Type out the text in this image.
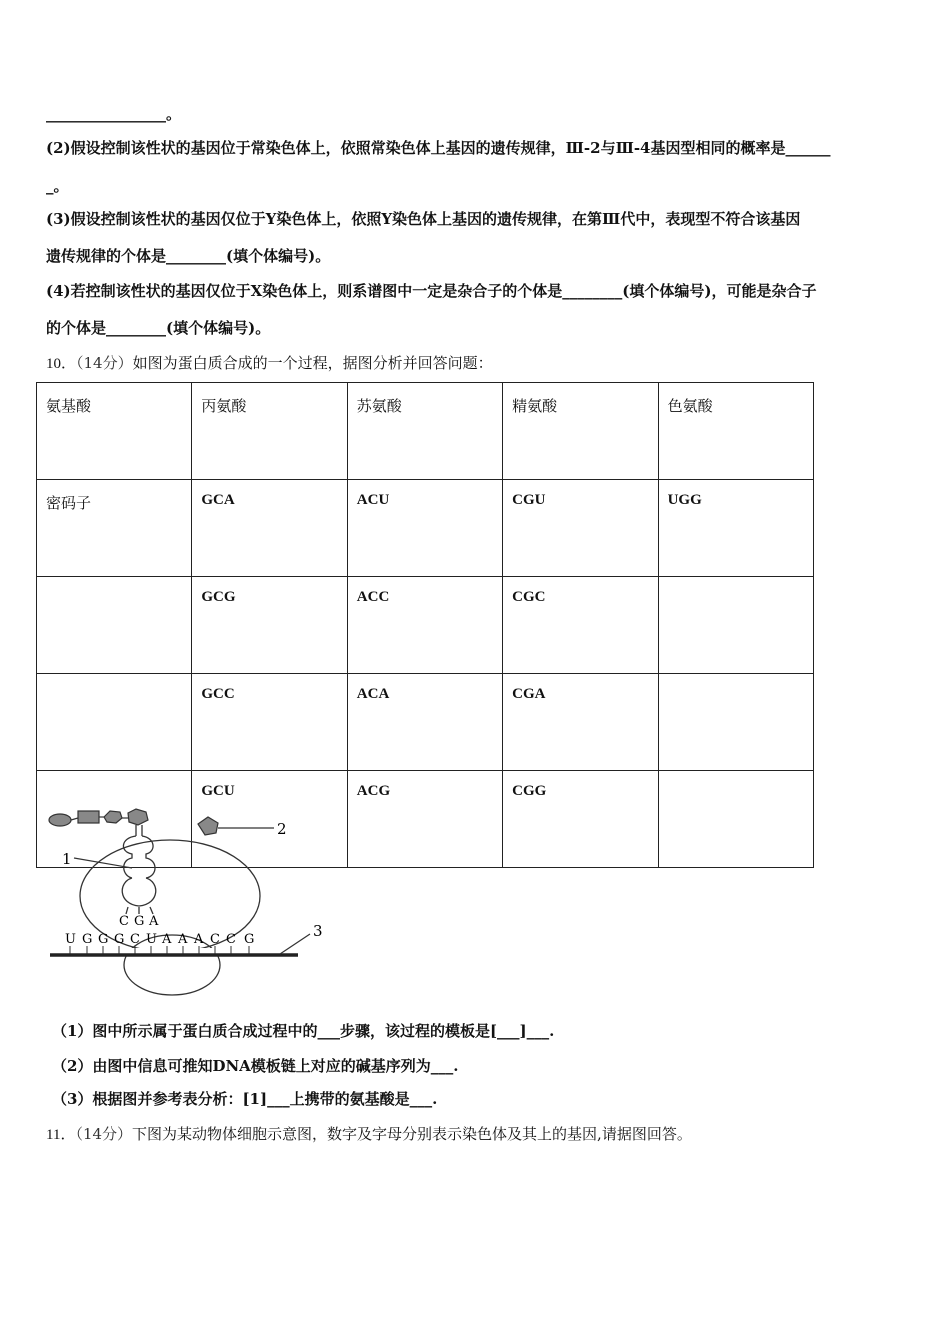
________________。
(2)假设控制该性状的基因位于常染色体上，依照常染色体上基因的遗传规律，Ⅲ-2与Ⅲ-4基因型相同的概率是______
_。
(3)假设控制该性状的基因仅位于Y染色体上，依照Y染色体上基因的遗传规律，在第Ⅲ代中，表现型不符合该基因
遗传规律的个体是________(填个体编号)。
(4)若控制该性状的基因仅位于X染色体上，则系谱图中一定是杂合子的个体是________(填个体编号)，可能是杂合子
的个体是________(填个体编号)。
10．（14分）如图为蛋白质合成的一个过程，据图分析并回答问题：
氨基酸	丙氨酸	苏氨酸	精氨酸	色氨酸
密码子	GCA	ACU	CGU	UGG
	GCG	ACC	CGC	
	GCC	ACA	CGA	
	GCU	ACG	CGG	
2
1
C G A
U G G G C U A A A C C G	3
（1）图中所示属于蛋白质合成过程中的___步骤，该过程的模板是[___]___.
（2）由图中信息可推知DNA模板链上对应的碱基序列为___.
（3）根据图并参考表分析：[1]___上携带的氨基酸是___.
11．（14分）下图为某动物体细胞示意图，数字及字母分别表示染色体及其上的基因,请据图回答。
